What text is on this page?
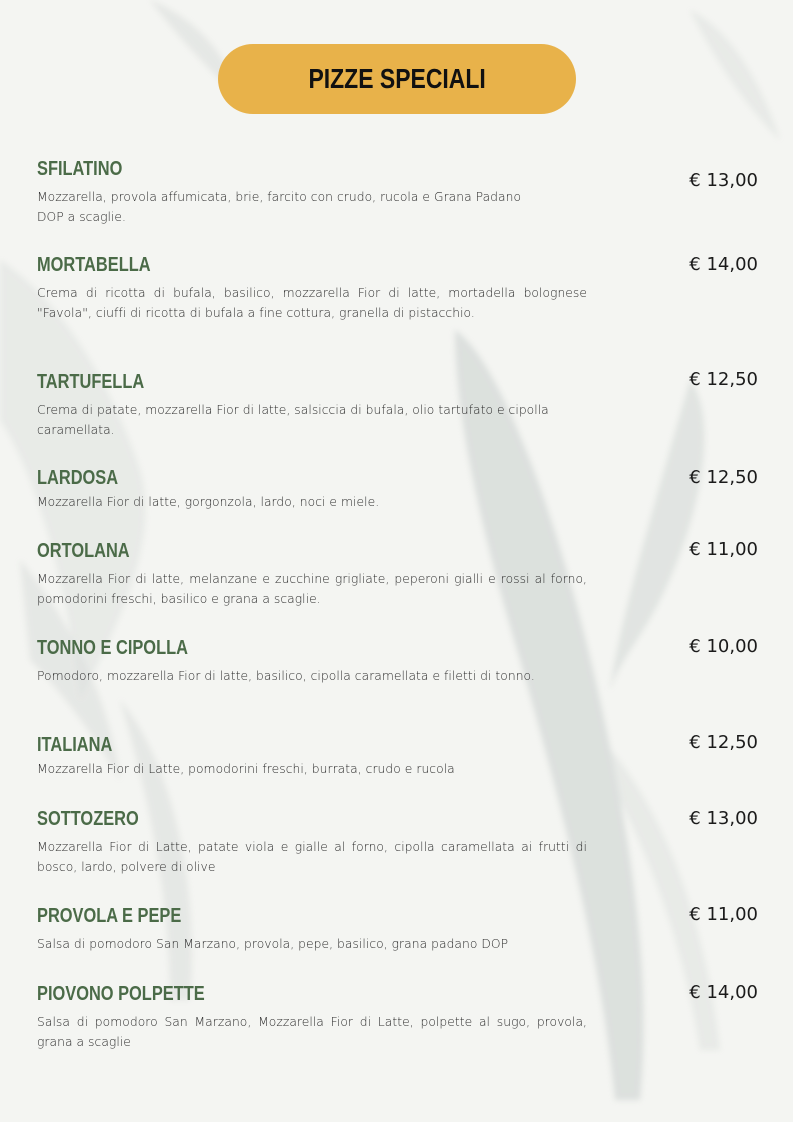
PIZZE SPECIALI
SFILATINO
Mozzarella, provola affumicata, brie, farcito con crudo, rucola e Grana Padano DOP a scaglie.
€ 13,00
MORTABELLA
Crema di ricotta di bufala, basilico, mozzarella Fior di latte, mortadella bolognese "Favola", ciuffi di ricotta di bufala a fine cottura, granella di pistacchio.
€ 14,00
TARTUFELLA
Crema di patate, mozzarella Fior di latte, salsiccia di bufala, olio tartufato e cipolla caramellata.
€ 12,50
LARDOSA
Mozzarella Fior di latte, gorgonzola, lardo, noci e miele.
€ 12,50
ORTOLANA
Mozzarella Fior di latte, melanzane e zucchine grigliate, peperoni gialli e rossi al forno, pomodorini freschi, basilico e grana a scaglie.
€ 11,00
TONNO E CIPOLLA
Pomodoro, mozzarella Fior di latte, basilico, cipolla caramellata e filetti di tonno.
€ 10,00
ITALIANA
Mozzarella Fior di Latte, pomodorini freschi, burrata, crudo e rucola
€ 12,50
SOTTOZERO
Mozzarella Fior di Latte, patate viola e gialle al forno, cipolla caramellata ai frutti di bosco, lardo, polvere di olive
€ 13,00
PROVOLA E PEPE
Salsa di pomodoro San Marzano, provola, pepe, basilico, grana padano DOP
€ 11,00
PIOVONO POLPETTE
Salsa di pomodoro San Marzano, Mozzarella Fior di Latte, polpette al sugo, provola, grana a scaglie
€ 14,00
